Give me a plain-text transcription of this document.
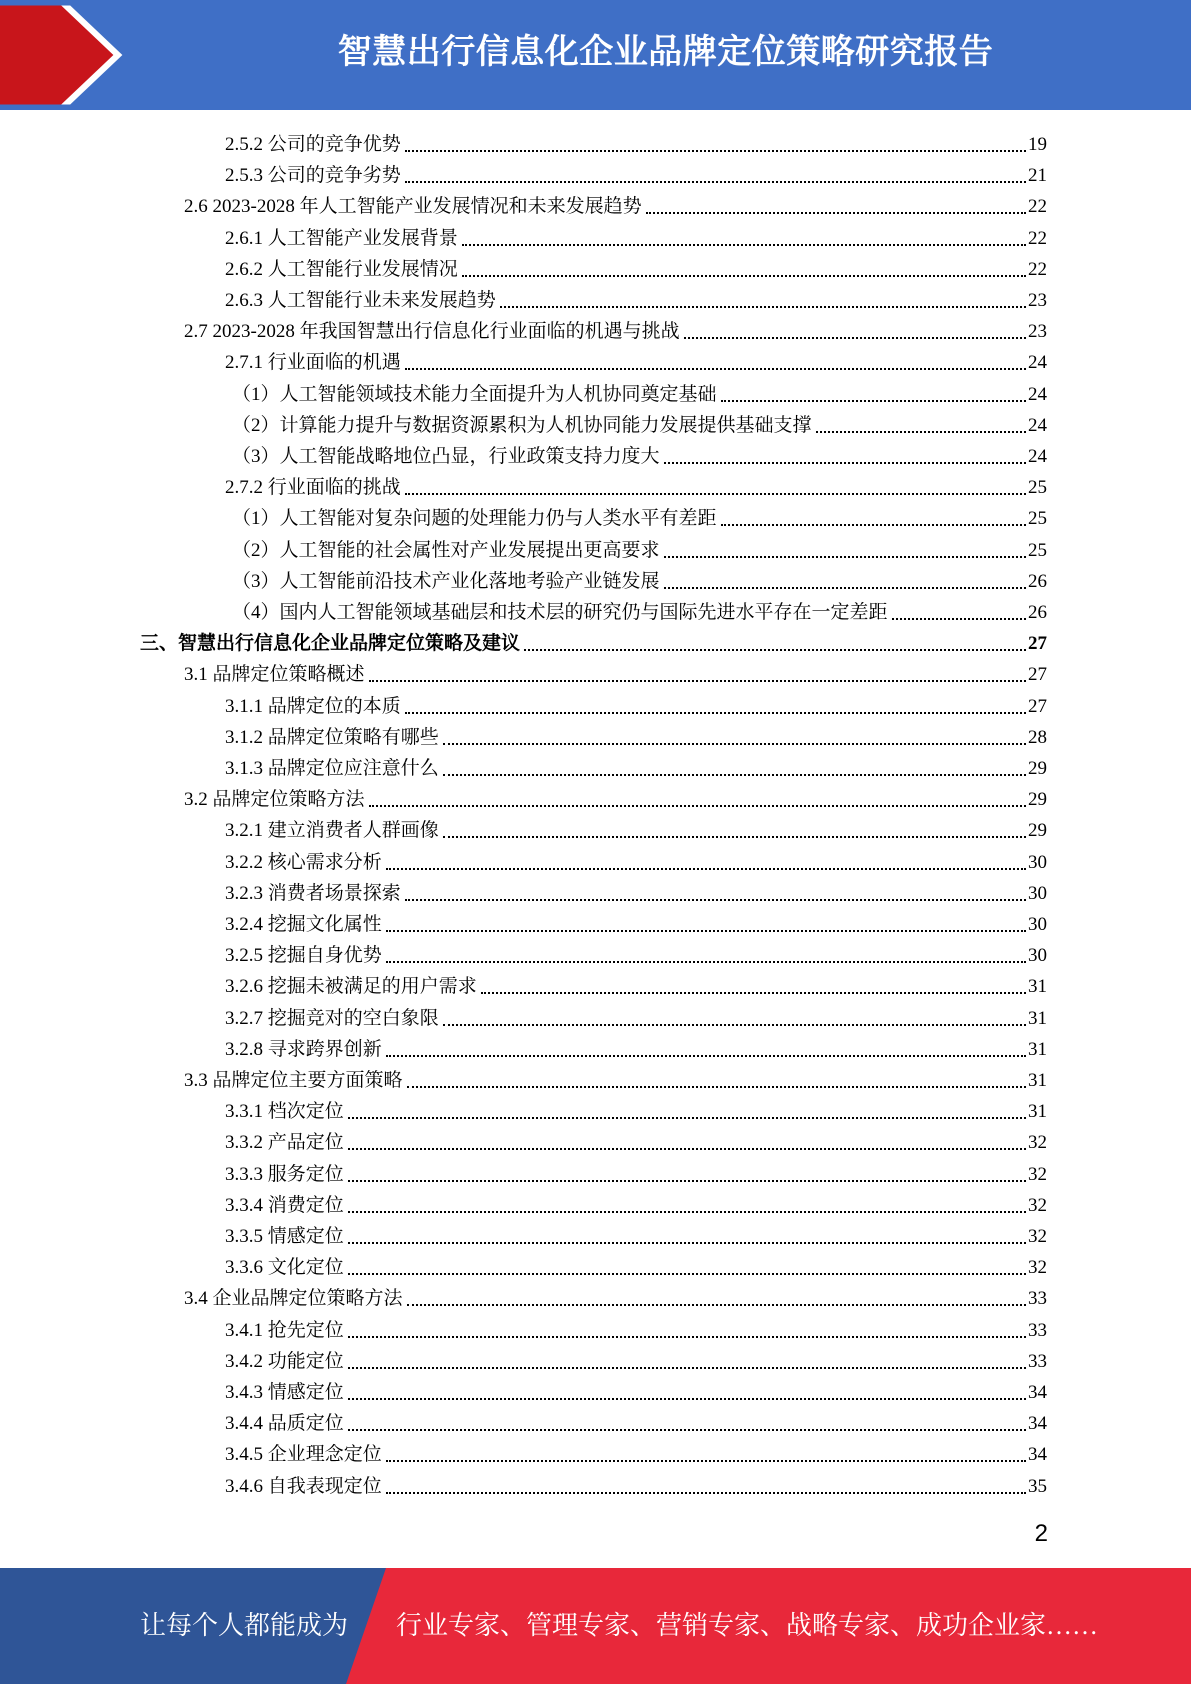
智慧出行信息化企业品牌定位策略研究报告
2.5.2 公司的竞争优势	19
2.5.3 公司的竞争劣势	21
2.6 2023-2028 年人工智能产业发展情况和未来发展趋势	22
2.6.1 人工智能产业发展背景	22
2.6.2 人工智能行业发展情况	22
2.6.3 人工智能行业未来发展趋势	23
2.7 2023-2028 年我国智慧出行信息化行业面临的机遇与挑战	23
2.7.1 行业面临的机遇	24
（1）人工智能领域技术能力全面提升为人机协同奠定基础	24
（2）计算能力提升与数据资源累积为人机协同能力发展提供基础支撑	24
（3）人工智能战略地位凸显，行业政策支持力度大	24
2.7.2 行业面临的挑战	25
（1）人工智能对复杂问题的处理能力仍与人类水平有差距	25
（2）人工智能的社会属性对产业发展提出更高要求	25
（3）人工智能前沿技术产业化落地考验产业链发展	26
（4）国内人工智能领域基础层和技术层的研究仍与国际先进水平存在一定差距	26
三、智慧出行信息化企业品牌定位策略及建议	27
3.1 品牌定位策略概述	27
3.1.1 品牌定位的本质	27
3.1.2 品牌定位策略有哪些	28
3.1.3 品牌定位应注意什么	29
3.2 品牌定位策略方法	29
3.2.1 建立消费者人群画像	29
3.2.2 核心需求分析	30
3.2.3 消费者场景探索	30
3.2.4 挖掘文化属性	30
3.2.5 挖掘自身优势	30
3.2.6 挖掘未被满足的用户需求	31
3.2.7 挖掘竞对的空白象限	31
3.2.8 寻求跨界创新	31
3.3 品牌定位主要方面策略	31
3.3.1 档次定位	31
3.3.2 产品定位	32
3.3.3 服务定位	32
3.3.4 消费定位	32
3.3.5 情感定位	32
3.3.6 文化定位	32
3.4 企业品牌定位策略方法	33
3.4.1 抢先定位	33
3.4.2 功能定位	33
3.4.3 情感定位	34
3.4.4 品质定位	34
3.4.5 企业理念定位	34
3.4.6 自我表现定位	35
2
让每个人都能成为 行业专家、管理专家、营销专家、战略专家、成功企业家……
